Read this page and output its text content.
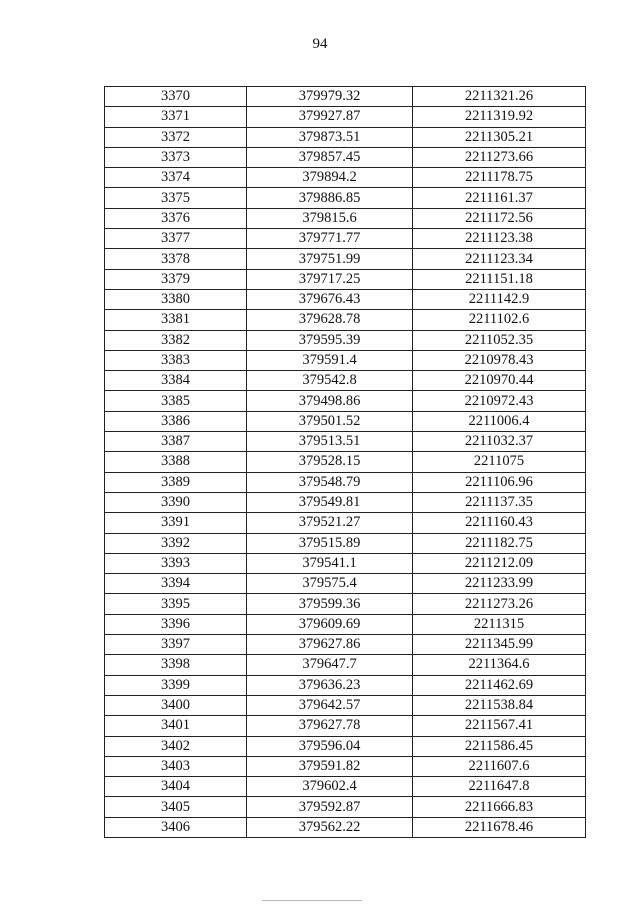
94
3370	379979.32	2211321.26
3371	379927.87	2211319.92
3372	379873.51	2211305.21
3373	379857.45	2211273.66
3374	379894.2	2211178.75
3375	379886.85	2211161.37
3376	379815.6	2211172.56
3377	379771.77	2211123.38
3378	379751.99	2211123.34
3379	379717.25	2211151.18
3380	379676.43	2211142.9
3381	379628.78	2211102.6
3382	379595.39	2211052.35
3383	379591.4	2210978.43
3384	379542.8	2210970.44
3385	379498.86	2210972.43
3386	379501.52	2211006.4
3387	379513.51	2211032.37
3388	379528.15	2211075
3389	379548.79	2211106.96
3390	379549.81	2211137.35
3391	379521.27	2211160.43
3392	379515.89	2211182.75
3393	379541.1	2211212.09
3394	379575.4	2211233.99
3395	379599.36	2211273.26
3396	379609.69	2211315
3397	379627.86	2211345.99
3398	379647.7	2211364.6
3399	379636.23	2211462.69
3400	379642.57	2211538.84
3401	379627.78	2211567.41
3402	379596.04	2211586.45
3403	379591.82	2211607.6
3404	379602.4	2211647.8
3405	379592.87	2211666.83
3406	379562.22	2211678.46
